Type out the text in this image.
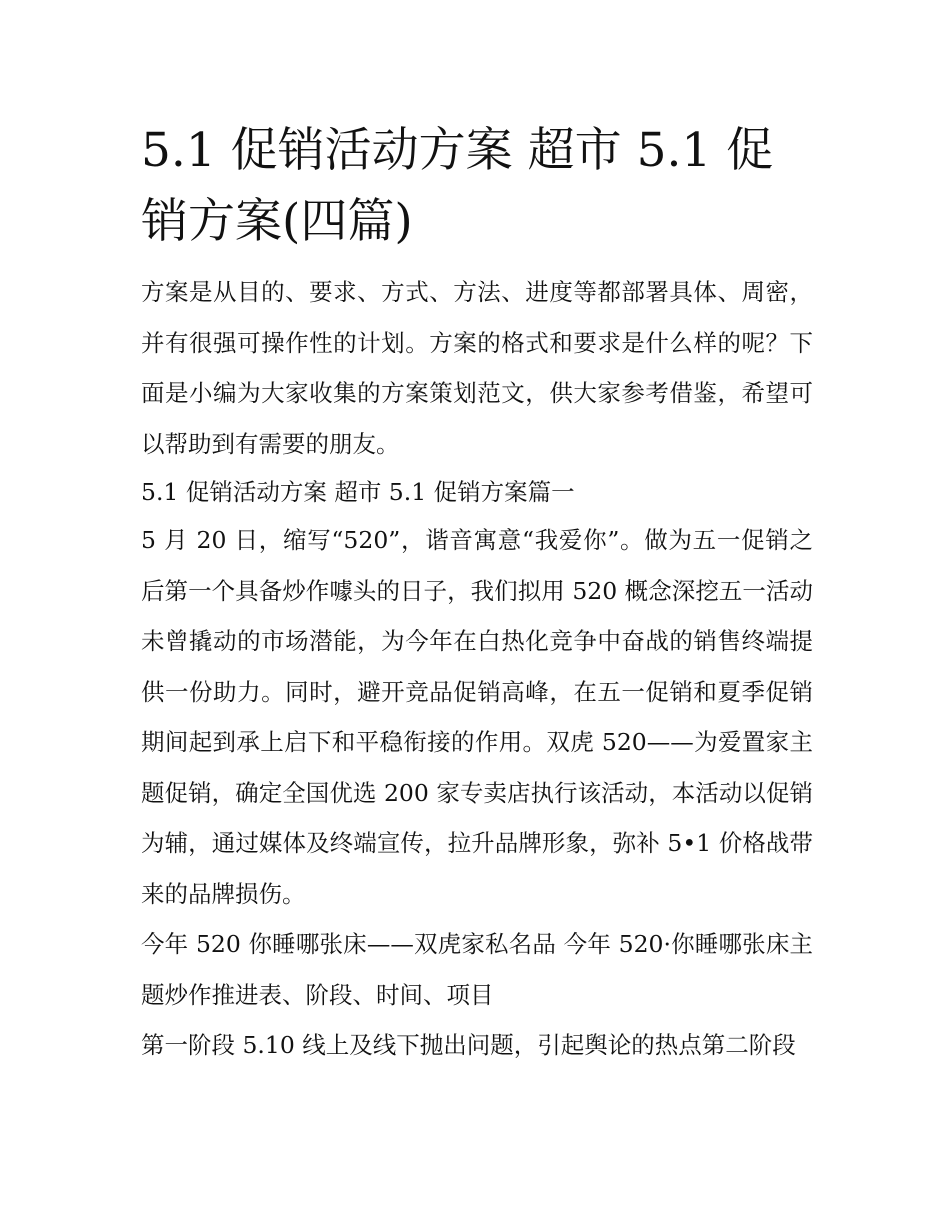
5.1 促销活动方案 超市 5.1 促销方案(四篇)

方案是从目的、要求、方式、方法、进度等都部署具体、周密，并有很强可操作性的计划。方案的格式和要求是什么样的呢？下面是小编为大家收集的方案策划范文，供大家参考借鉴，希望可以帮助到有需要的朋友。

5.1 促销活动方案 超市 5.1 促销方案篇一

5 月 20 日，缩写“520”，谐音寓意“我爱你”。做为五一促销之后第一个具备炒作噱头的日子，我们拟用 520 概念深挖五一活动未曾撬动的市场潜能，为今年在白热化竞争中奋战的销售终端提供一份助力。同时，避开竞品促销高峰，在五一促销和夏季促销期间起到承上启下和平稳衔接的作用。双虎 520——为爱置家主题促销，确定全国优选 200 家专卖店执行该活动，本活动以促销为辅，通过媒体及终端宣传，拉升品牌形象，弥补 5•1 价格战带来的品牌损伤。

今年 520 你睡哪张床——双虎家私名品 今年 520·你睡哪张床主题炒作推进表、阶段、时间、项目

第一阶段 5.10 线上及线下抛出问题，引起舆论的热点第二阶段
